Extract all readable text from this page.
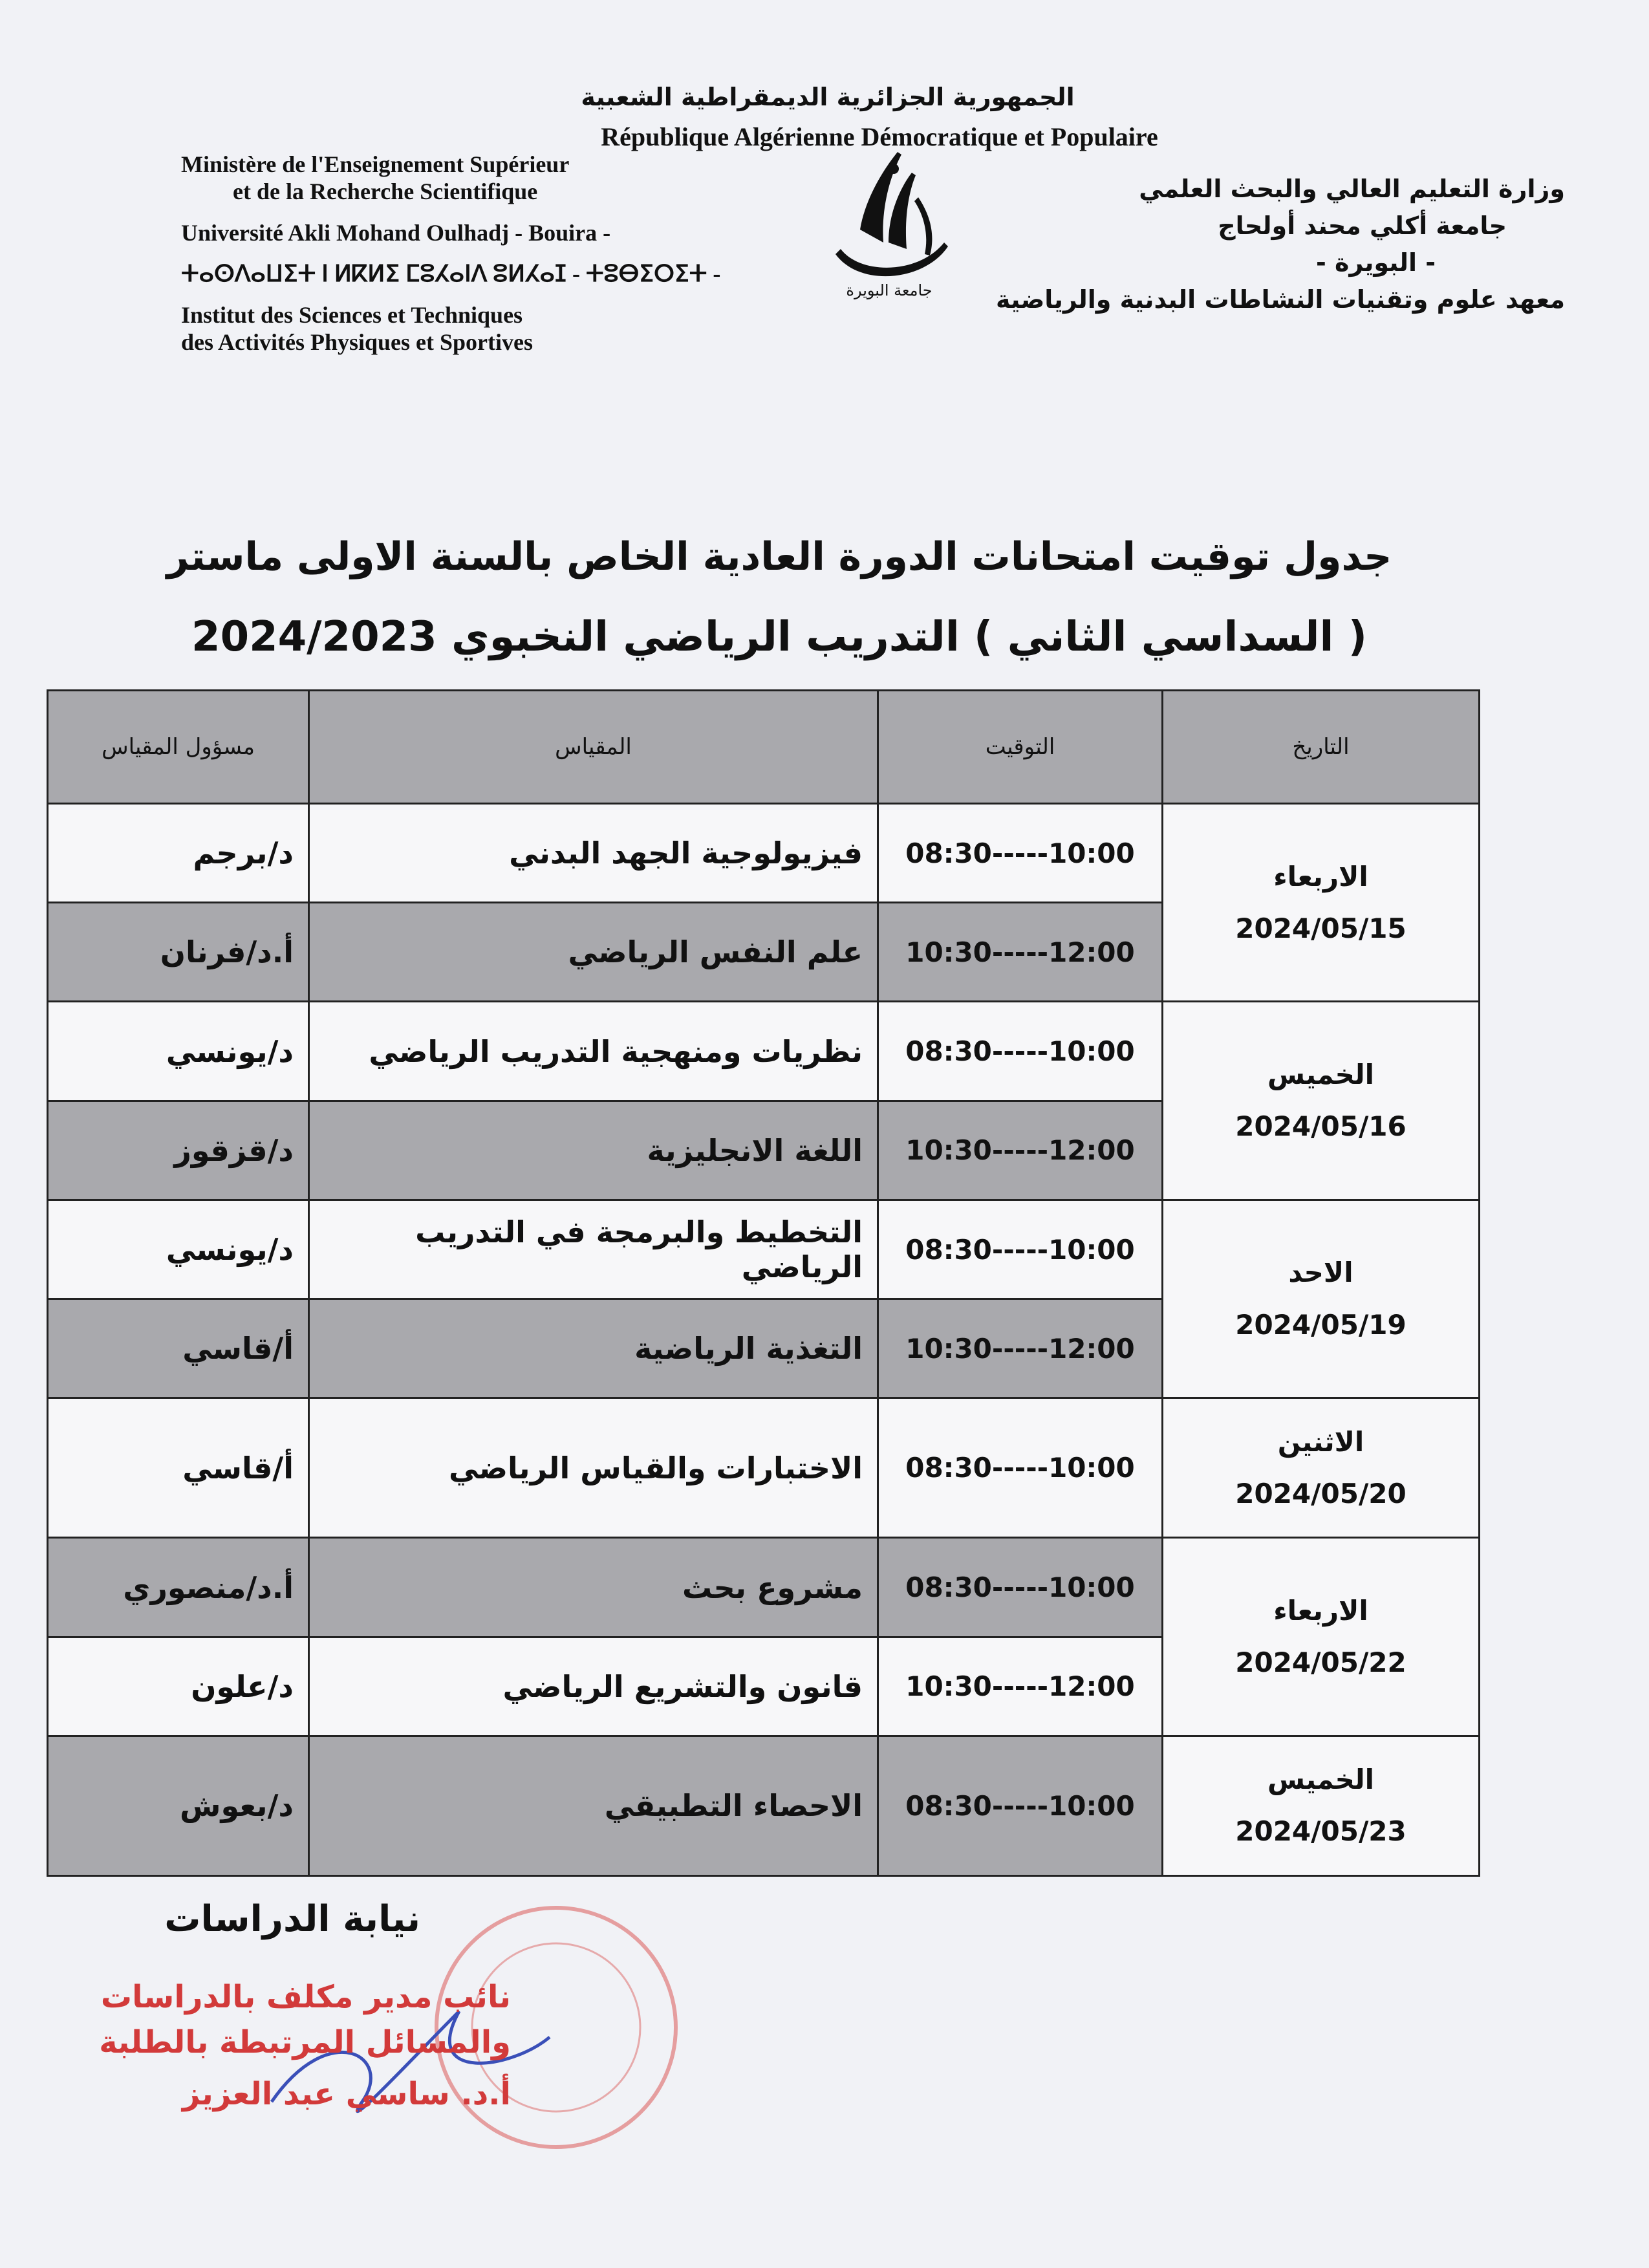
الجمهورية الجزائرية الديمقراطية الشعبية
République Algérienne Démocratique et Populaire
Ministère de l'Enseignement Supérieur
et de la Recherche Scientifique
Université Akli Mohand Oulhadj - Bouira -
ⵜⴰⵙⴷⴰⵡⵉⵜ ⵏ ⵍⴽⵍⵉ ⵎⵓⵃⴰⵏⴷ ⵓⵍⵃⴰⵊ - ⵜⵓⴱⵉⵔⵉⵜ -
Institut des Sciences et Techniques
des Activités Physiques et Sportives
جامعة البويرة
وزارة التعليم العالي والبحث العلمي
جامعة أكلي محند أولحاج
- البويرة -
معهد علوم وتقنيات النشاطات البدنية والرياضية
جدول توقيت امتحانات الدورة العادية الخاص بالسنة الاولى ماستر
( السداسي الثاني ) التدريب الرياضي النخبوي 2024/2023
التاريخ	التوقيت	المقياس	مسؤول المقياس

الاربعاء
2024/05/15	08:30-----10:00	فيزيولوجية الجهد البدني	د/برجم
	10:30-----12:00	علم النفس الرياضي	أ.د/فرنان

الخميس
2024/05/16	08:30-----10:00	نظريات ومنهجية التدريب الرياضي	د/يونسي
	10:30-----12:00	اللغة الانجليزية	د/قزقوز

الاحد
2024/05/19	08:30-----10:00	التخطيط والبرمجة في التدريب الرياضي	د/يونسي
	10:30-----12:00	التغذية الرياضية	أ/قاسي

الاثنين
2024/05/20	08:30-----10:00	الاختبارات والقياس الرياضي	أ/قاسي

الاربعاء
2024/05/22	08:30-----10:00	مشروع بحث	أ.د/منصوري
	10:30-----12:00	قانون والتشريع الرياضي	د/علون

الخميس
2024/05/23	08:30-----10:00	الاحصاء التطبيقي	د/بعوش
نيابة الدراسات
نائب مدير مكلف بالدراسات
والمسائل المرتبطة بالطلبة
أ.د. ساسي عبد العزيز
